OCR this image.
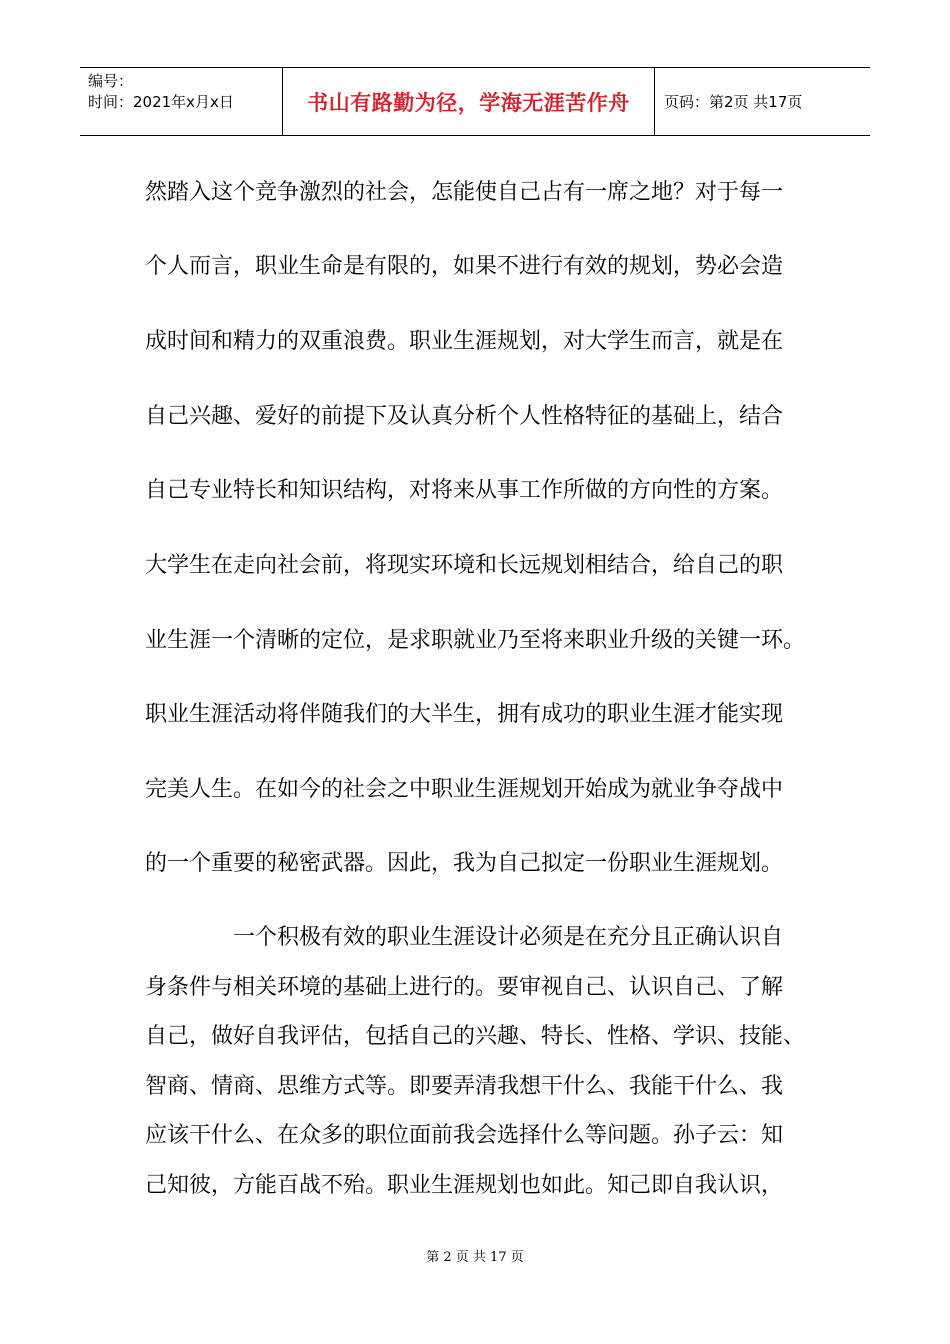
编号：
时间：2021年x月x日	书山有路勤为径，学海无涯苦作舟 页码：第2页 共17页
然踏入这个竞争激烈的社会，怎能使自己占有一席之地？对于每一
个人而言，职业生命是有限的，如果不进行有效的规划，势必会造
成时间和精力的双重浪费。职业生涯规划，对大学生而言，就是在
自己兴趣、爱好的前提下及认真分析个人性格特征的基础上，结合
自己专业特长和知识结构，对将来从事工作所做的方向性的方案。
大学生在走向社会前，将现实环境和长远规划相结合，给自己的职
业生涯一个清晰的定位，是求职就业乃至将来职业升级的关键一环。
职业生涯活动将伴随我们的大半生，拥有成功的职业生涯才能实现
完美人生。在如今的社会之中职业生涯规划开始成为就业争夺战中
的一个重要的秘密武器。因此，我为自己拟定一份职业生涯规划。
一个积极有效的职业生涯设计必须是在充分且正确认识自
身条件与相关环境的基础上进行的。要审视自己、认识自己、了解
自己，做好自我评估，包括自己的兴趣、特长、性格、学识、技能、
智商、情商、思维方式等。即要弄清我想干什么、我能干什么、我
应该干什么、在众多的职位面前我会选择什么等问题。孙子云：知
己知彼，方能百战不殆。职业生涯规划也如此。知己即自我认识，
第 2 页 共 17 页
